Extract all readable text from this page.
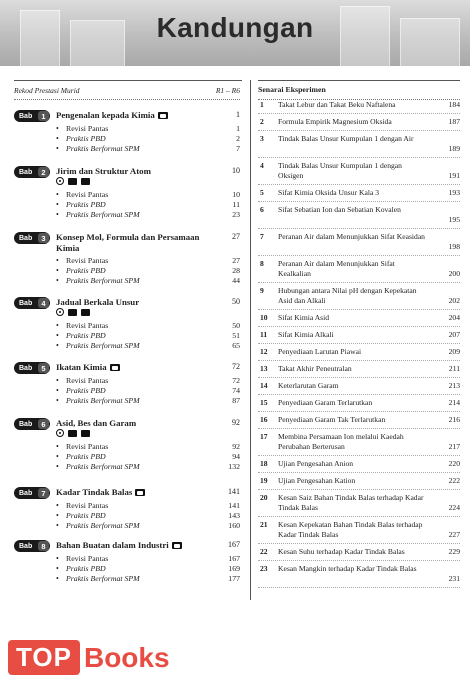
Kandungan
Rekod Prestasi Murid	R1 – R6
Bab	1	Pengenalan kepada Kimia	1
• Revisi Pantas	1
• Praktis PBD	2
• Praktis Berformat SPM	7
Bab	2	Jirim dan Struktur Atom	10
• Revisi Pantas	10
• Praktis PBD	11
• Praktis Berformat SPM	23
Bab	3	Konsep Mol, Formula dan Persamaan Kimia
27
• Revisi Pantas	27
• Praktis PBD	28
• Praktis Berformat SPM	44
Bab	4	Jadual Berkala Unsur	50
• Revisi Pantas	50
• Praktis PBD	51
• Praktis Berformat SPM	65
Bab	5	Ikatan Kimia	72
• Revisi Pantas	72
• Praktis PBD	74
• Praktis Berformat SPM	87
Bab	6	Asid, Bes dan Garam	92
• Revisi Pantas	92
• Praktis PBD	94
• Praktis Berformat SPM	132
Bab	7	Kadar Tindak Balas	141
• Revisi Pantas	141
• Praktis PBD	143
• Praktis Berformat SPM	160
Bab	8	Bahan Buatan dalam Industri	167
• Revisi Pantas	167
• Praktis PBD	169
• Praktis Berformat SPM	177
Senarai Eksperimen
1 Takat Lebur dan Takat Beku Naftalena	184
2 Formula Empirik Magnesium Oksida	187
3 Tindak Balas Unsur Kumpulan 1 dengan Air
189
4 Tindak Balas Unsur Kumpulan 1 dengan Oksigen	191
5 Sifat Kimia Oksida Unsur Kala 3	193
6 Sifat Sebatian Ion dan Sebatian Kovalen
195
7 Peranan Air dalam Menunjukkan Sifat Keasidan
198
8 Peranan Air dalam Menunjukkan Sifat Kealkalian	200
9 Hubungan antara Nilai pH dengan Kepekatan Asid dan Alkali	202
10 Sifat Kimia Asid	204
11 Sifat Kimia Alkali	207
12 Penyediaan Larutan Piawai	209
13 Takat Akhir Peneutralan	211
14 Keterlarutan Garam	213
15 Penyediaan Garam Terlarutkan	214
16 Penyediaan Garam Tak Terlarutkan	216
17 Membina Persamaan Ion melalui Kaedah Perubahan Berterusan	217
18 Ujian Pengesahan Anion	220
19 Ujian Pengesahan Kation	222
20 Kesan Saiz Bahan Tindak Balas terhadap Kadar Tindak Balas	224
21 Kesan Kepekatan Bahan Tindak Balas terhadap Kadar Tindak Balas	227
22 Kesan Suhu terhadap Kadar Tindak Balas	229
23 Kesan Mangkin terhadap Kadar Tindak Balas
231
TOP Books
